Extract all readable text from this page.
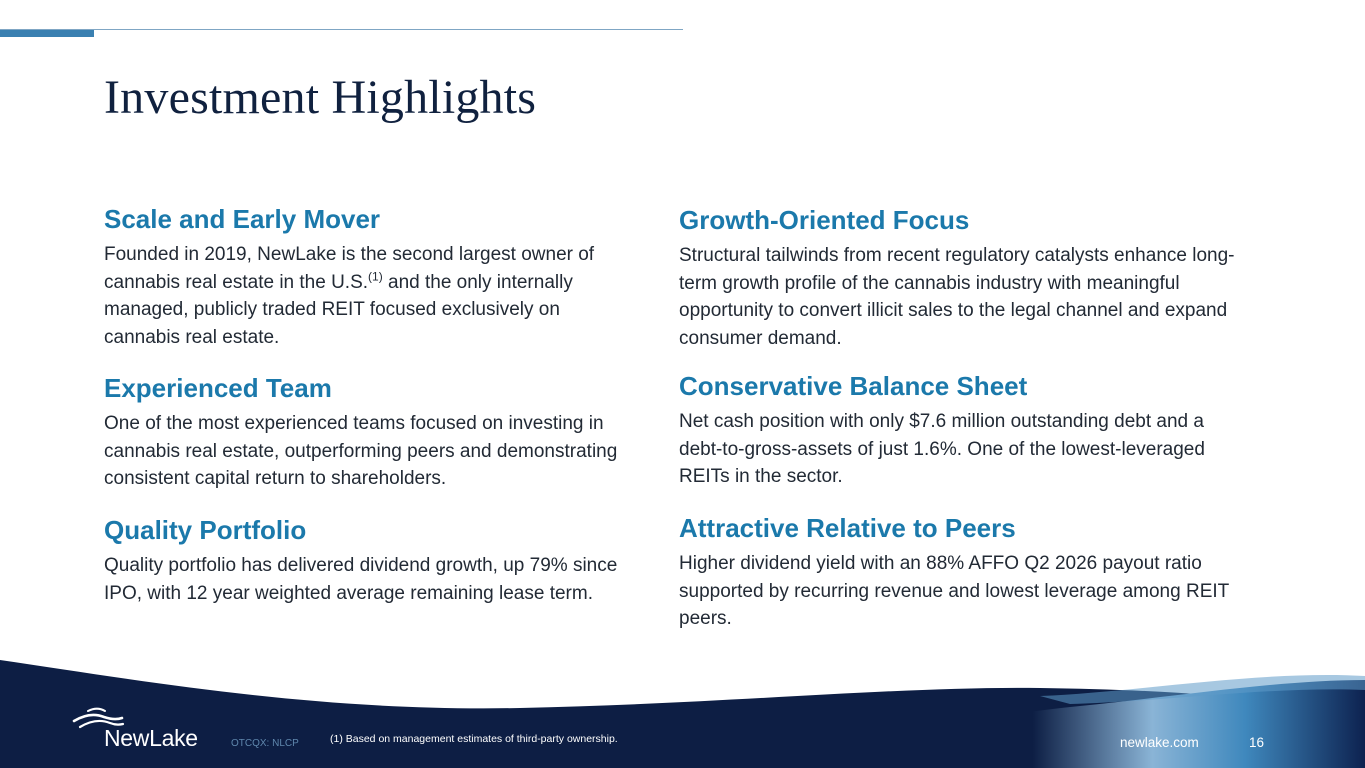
Investment Highlights
Scale and Early Mover

Founded in 2019, NewLake is the second largest owner of cannabis real estate in the U.S.$^{(1)}$ and the only internally managed, publicly traded REIT focused exclusively on cannabis real estate.

Experienced Team

One of the most experienced teams focused on investing in cannabis real estate, outperforming peers and demonstrating consistent capital return to shareholders.

Quality Portfolio

Quality portfolio has delivered dividend growth, up 79% since IPO, with 12 year weighted average remaining lease term.

Growth-Oriented Focus

Structural tailwinds from recent regulatory catalysts enhance long-term growth profile of the cannabis industry with meaningful opportunity to convert illicit sales to the legal channel and expand consumer demand.

Conservative Balance Sheet

Net cash position with only $7.6 million outstanding debt and a debt-to-gross-assets of just 1.6%. One of the lowest-leveraged REITs in the sector.

Attractive Relative to Peers

Higher dividend yield with an 88% AFFO Q2 2026 payout ratio supported by recurring revenue and lowest leverage among REIT peers.

NewLake	OTCQX: NLCP	(1) Based on management estimates of third-party ownership.	newlake.com	16
